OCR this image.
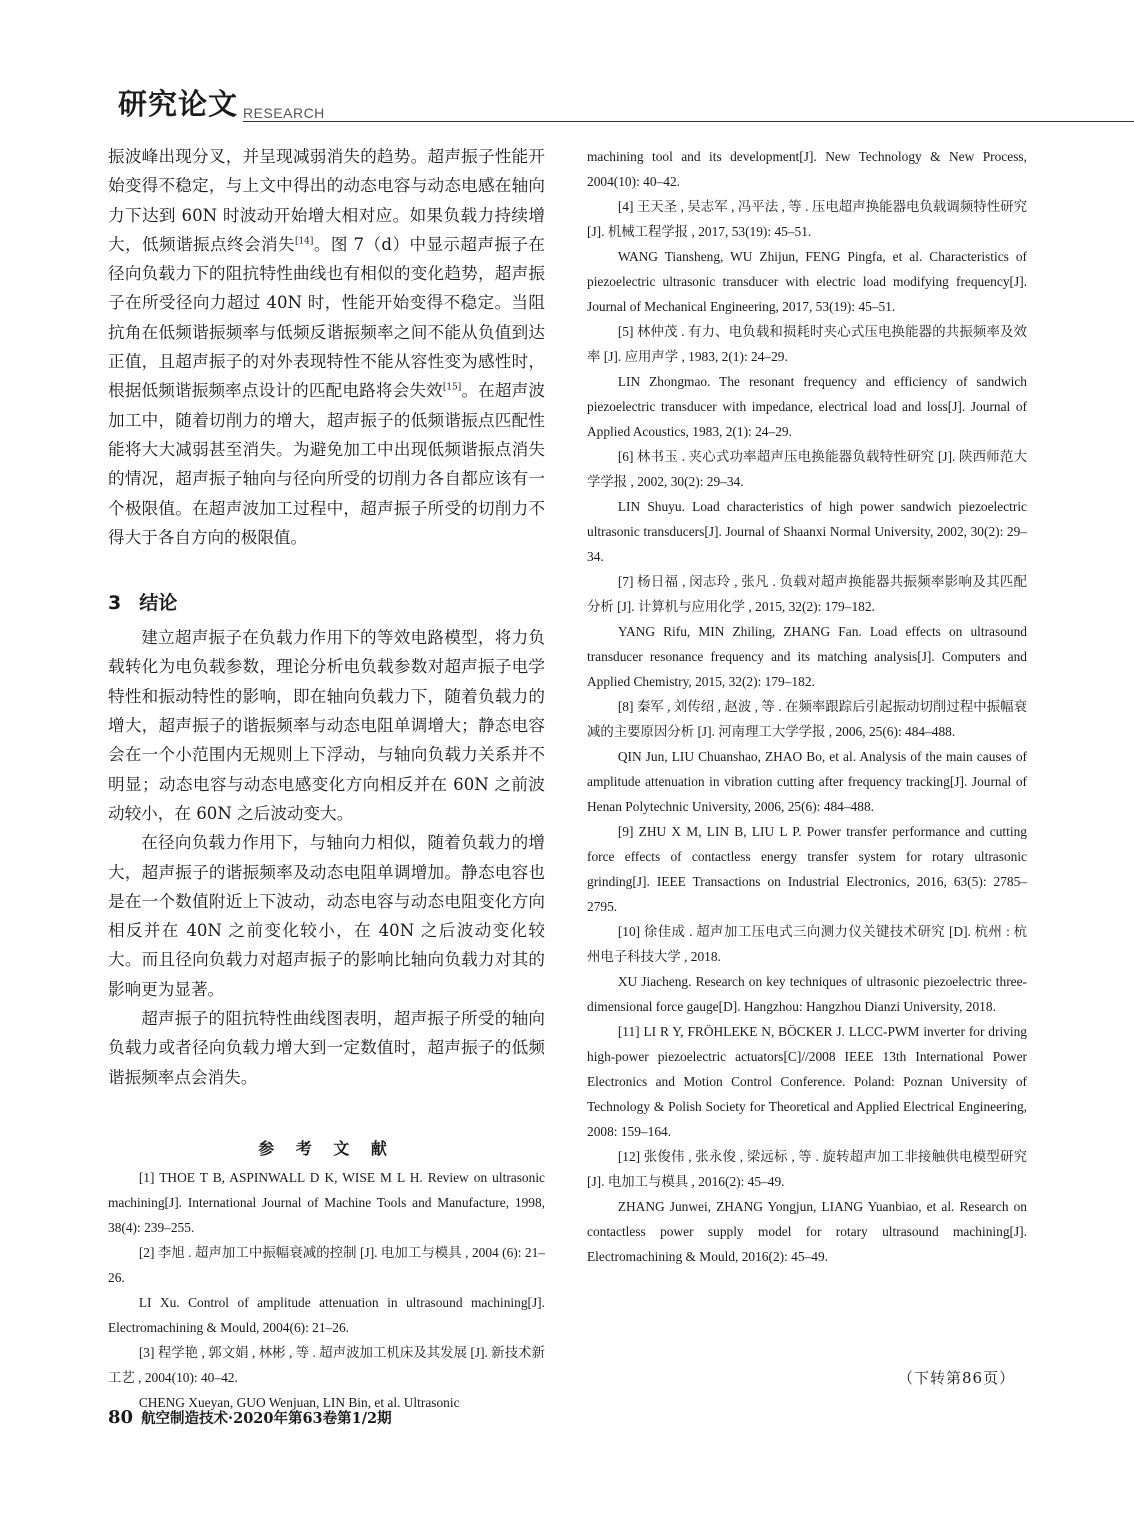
研究论文 RESEARCH

振波峰出现分叉，并呈现减弱消失的趋势。超声振子性能开始变得不稳定，与上文中得出的动态电容与动态电感在轴向力下达到 60N 时波动开始增大相对应。如果负载力持续增大，低频谐振点终会消失[14]。图 7（d）中显示超声振子在径向负载力下的阻抗特性曲线也有相似的变化趋势，超声振子在所受径向力超过 40N 时，性能开始变得不稳定。当阻抗角在低频谐振频率与低频反谐振频率之间不能从负值到达正值，且超声振子的对外表现特性不能从容性变为感性时，根据低频谐振频率点设计的匹配电路将会失效[15]。在超声波加工中，随着切削力的增大，超声振子的低频谐振点匹配性能将大大减弱甚至消失。为避免加工中出现低频谐振点消失的情况，超声振子轴向与径向所受的切削力各自都应该有一个极限值。在超声波加工过程中，超声振子所受的切削力不得大于各自方向的极限值。

3 结论

建立超声振子在负载力作用下的等效电路模型，将力负载转化为电负载参数，理论分析电负载参数对超声振子电学特性和振动特性的影响，即在轴向负载力下，随着负载力的增大，超声振子的谐振频率与动态电阻单调增大；静态电容会在一个小范围内无规则上下浮动，与轴向负载力关系并不明显；动态电容与动态电感变化方向相反并在 60N 之前波动较小，在 60N 之后波动变大。

在径向负载力作用下，与轴向力相似，随着负载力的增大，超声振子的谐振频率及动态电阻单调增加。静态电容也是在一个数值附近上下波动，动态电容与动态电阻变化方向相反并在 40N 之前变化较小，在 40N 之后波动变化较大。而且径向负载力对超声振子的影响比轴向负载力对其的影响更为显著。

超声振子的阻抗特性曲线图表明，超声振子所受的轴向负载力或者径向负载力增大到一定数值时，超声振子的低频谐振频率点会消失。

参 考 文 献

[1] THOE T B, ASPINWALL D K, WISE M L H. Review on ultrasonic machining[J]. International Journal of Machine Tools and Manufacture, 1998, 38(4): 239–255.

[2] 李旭 . 超声加工中振幅衰减的控制 [J]. 电加工与模具 , 2004 (6): 21–26.

LI Xu. Control of amplitude attenuation in ultrasound machining[J]. Electromachining & Mould, 2004(6): 21–26.

[3] 程学艳 , 郭文娟 , 林彬 , 等 . 超声波加工机床及其发展 [J]. 新技术新工艺 , 2004(10): 40–42.

CHENG Xueyan, GUO Wenjuan, LIN Bin, et al. Ultrasonic

machining tool and its development[J]. New Technology & New Process, 2004(10): 40–42.

[4] 王天圣 , 吴志军 , 冯平法 , 等 . 压电超声换能器电负载调频特性研究 [J]. 机械工程学报 , 2017, 53(19): 45–51.

WANG Tiansheng, WU Zhijun, FENG Pingfa, et al. Characteristics of piezoelectric ultrasonic transducer with electric load modifying frequency[J]. Journal of Mechanical Engineering, 2017, 53(19): 45–51.

[5] 林仲茂 . 有力、电负载和损耗时夹心式压电换能器的共振频率及效率 [J]. 应用声学 , 1983, 2(1): 24–29.

LIN Zhongmao. The resonant frequency and efficiency of sandwich piezoelectric transducer with impedance, electrical load and loss[J]. Journal of Applied Acoustics, 1983, 2(1): 24–29.

[6] 林书玉 . 夹心式功率超声压电换能器负载特性研究 [J]. 陕西师范大学学报 , 2002, 30(2): 29–34.

LIN Shuyu. Load characteristics of high power sandwich piezoelectric ultrasonic transducers[J]. Journal of Shaanxi Normal University, 2002, 30(2): 29–34.

[7] 杨日福 , 闵志玲 , 张凡 . 负载对超声换能器共振频率影响及其匹配分析 [J]. 计算机与应用化学 , 2015, 32(2): 179–182.

YANG Rifu, MIN Zhiling, ZHANG Fan. Load effects on ultrasound transducer resonance frequency and its matching analysis[J]. Computers and Applied Chemistry, 2015, 32(2): 179–182.

[8] 秦军 , 刘传绍 , 赵波 , 等 . 在频率跟踪后引起振动切削过程中振幅衰减的主要原因分析 [J]. 河南理工大学学报 , 2006, 25(6): 484–488.

QIN Jun, LIU Chuanshao, ZHAO Bo, et al. Analysis of the main causes of amplitude attenuation in vibration cutting after frequency tracking[J]. Journal of Henan Polytechnic University, 2006, 25(6): 484–488.

[9] ZHU X M, LIN B, LIU L P. Power transfer performance and cutting force effects of contactless energy transfer system for rotary ultrasonic grinding[J]. IEEE Transactions on Industrial Electronics, 2016, 63(5): 2785–2795.

[10] 徐佳成 . 超声加工压电式三向测力仪关键技术研究 [D]. 杭州 : 杭州电子科技大学 , 2018.

XU Jiacheng. Research on key techniques of ultrasonic piezoelectric three-dimensional force gauge[D]. Hangzhou: Hangzhou Dianzi University, 2018.

[11] LI R Y, FRÖHLEKE N, BÖCKER J. LLCC-PWM inverter for driving high-power piezoelectric actuators[C]//2008 IEEE 13th International Power Electronics and Motion Control Conference. Poland: Poznan University of Technology & Polish Society for Theoretical and Applied Electrical Engineering, 2008: 159–164.

[12] 张俊伟 , 张永俊 , 梁远标 , 等 . 旋转超声加工非接触供电模型研究 [J]. 电加工与模具 , 2016(2): 45–49.

ZHANG Junwei, ZHANG Yongjun, LIANG Yuanbiao, et al. Research on contactless power supply model for rotary ultrasound machining[J]. Electromachining & Mould, 2016(2): 45–49.

（下转第86页）
80 航空制造技术·2020年第63卷第1/2期
